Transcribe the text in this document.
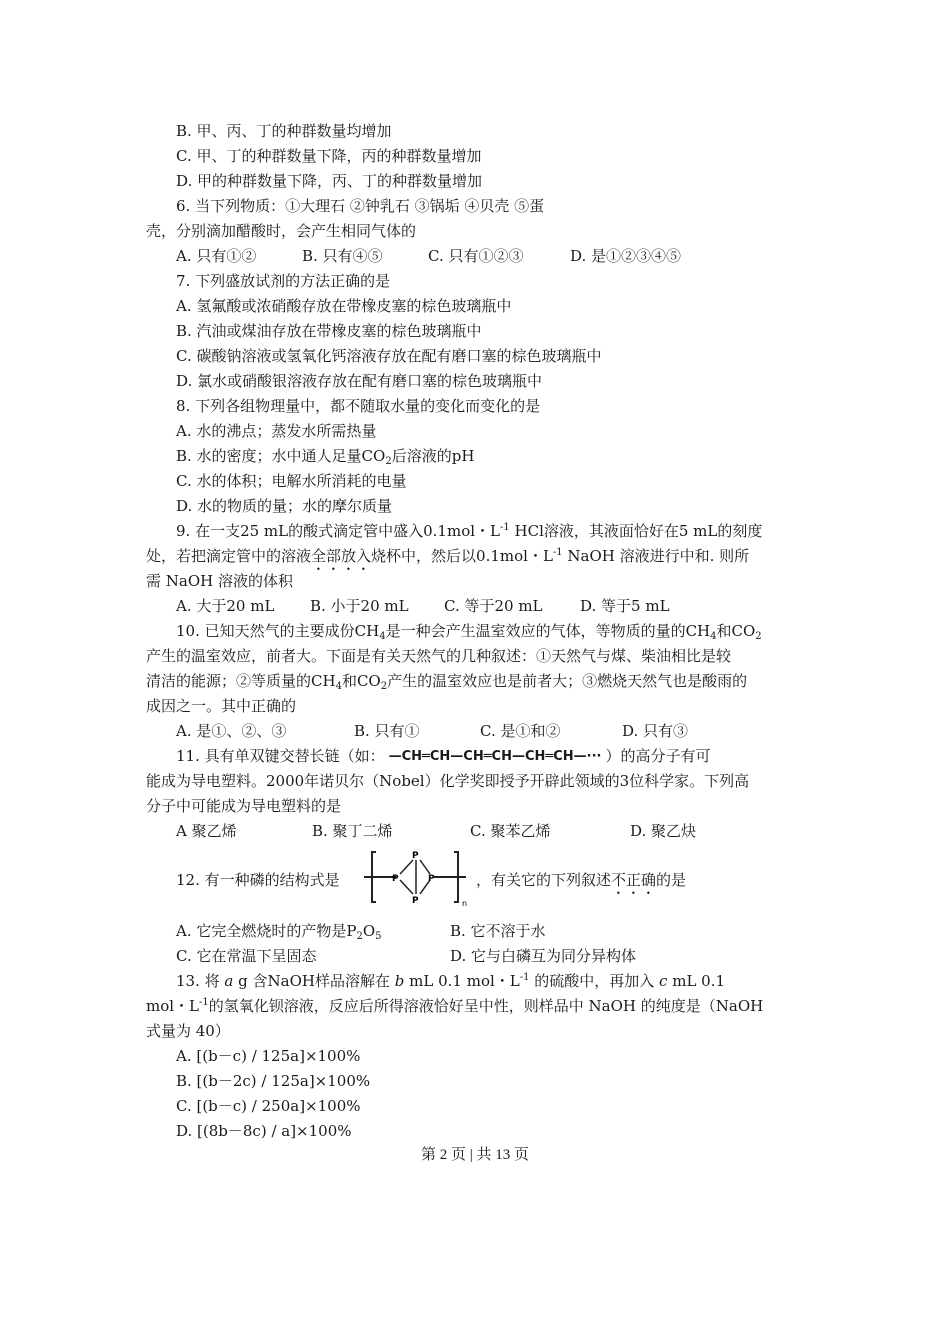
B. 甲、丙、丁的种群数量均增加
C. 甲、丁的种群数量下降，丙的种群数量增加
D. 甲的种群数量下降，丙、丁的种群数量增加
6. 当下列物质：①大理石 ②钟乳石 ③锅垢 ④贝壳 ⑤蛋
壳，分别滴加醋酸时，会产生相同气体的
A. 只有①②	B. 只有④⑤	C. 只有①②③	D. 是①②③④⑤
7. 下列盛放试剂的方法正确的是
A. 氢氟酸或浓硝酸存放在带橡皮塞的棕色玻璃瓶中
B. 汽油或煤油存放在带橡皮塞的棕色玻璃瓶中
C. 碳酸钠溶液或氢氧化钙溶液存放在配有磨口塞的棕色玻璃瓶中
D. 氯水或硝酸银溶液存放在配有磨口塞的棕色玻璃瓶中
8. 下列各组物理量中，都不随取水量的变化而变化的是
A. 水的沸点；蒸发水所需热量
B. 水的密度；水中通人足量$CO_2$后溶液的pH
C. 水的体积；电解水所消耗的电量
D. 水的物质的量；水的摩尔质量
9. 在一支25 mL的酸式滴定管中盛入0.1mol・$L^{-1}$ HCl溶液，其液面恰好在5 mL的刻度
处，若把滴定管中的溶液全部放入烧杯中，然后以0.1mol・$L^{-1}$ NaOH 溶液进行中和. 则所
需 NaOH 溶液的体积
A. 大于20 mL B. 小于20 mL C. 等于20 mL D. 等于5 mL
10. 已知天然气的主要成份$CH_4$是一种会产生温室效应的气体，等物质的量的$CH_4$和$CO_2$
产生的温室效应，前者大。下面是有关天然气的几种叙述：①天然气与煤、柴油相比是较
清洁的能源；②等质量的$CH_4$和$CO_2$产生的温室效应也是前者大；③燃烧天然气也是酸雨的
成因之一。其中正确的
A. 是①、②、③	B. 只有①	C. 是①和②	D. 只有③
11. 具有单双键交替长链（如： —CH═CH—CH═CH—CH═CH—··· ）的高分子有可
能成为导电塑料。2000年诺贝尔（Nobel）化学奖即授予开辟此领域的3位科学家。下列高
分子中可能成为导电塑料的是
A 聚乙烯	B. 聚丁二烯	C. 聚苯乙烯	D. 聚乙炔
12. 有一种磷的结构式是
P
P	P
P	n
，有关它的下列叙述不正确的是
A. 它完全燃烧时的产物是$P_2O_5$	B. 它不溶于水
C. 它在常温下呈固态	D. 它与白磷互为同分异构体
13. 将 a g 含NaOH样品溶解在 b mL 0.1 mol・$L^{-1}$ 的硫酸中，再加入 c mL 0.1
mol・$L^{-1}$的氢氧化钡溶液，反应后所得溶液恰好呈中性，则样品中 NaOH 的纯度是（NaOH
式量为 40）
A. [(b－c) / 125a]×100%
B. [(b－2c) / 125a]×100%
C. [(b－c) / 250a]×100%
D. [(8b－8c) / a]×100%
第 2 页 | 共 13 页
